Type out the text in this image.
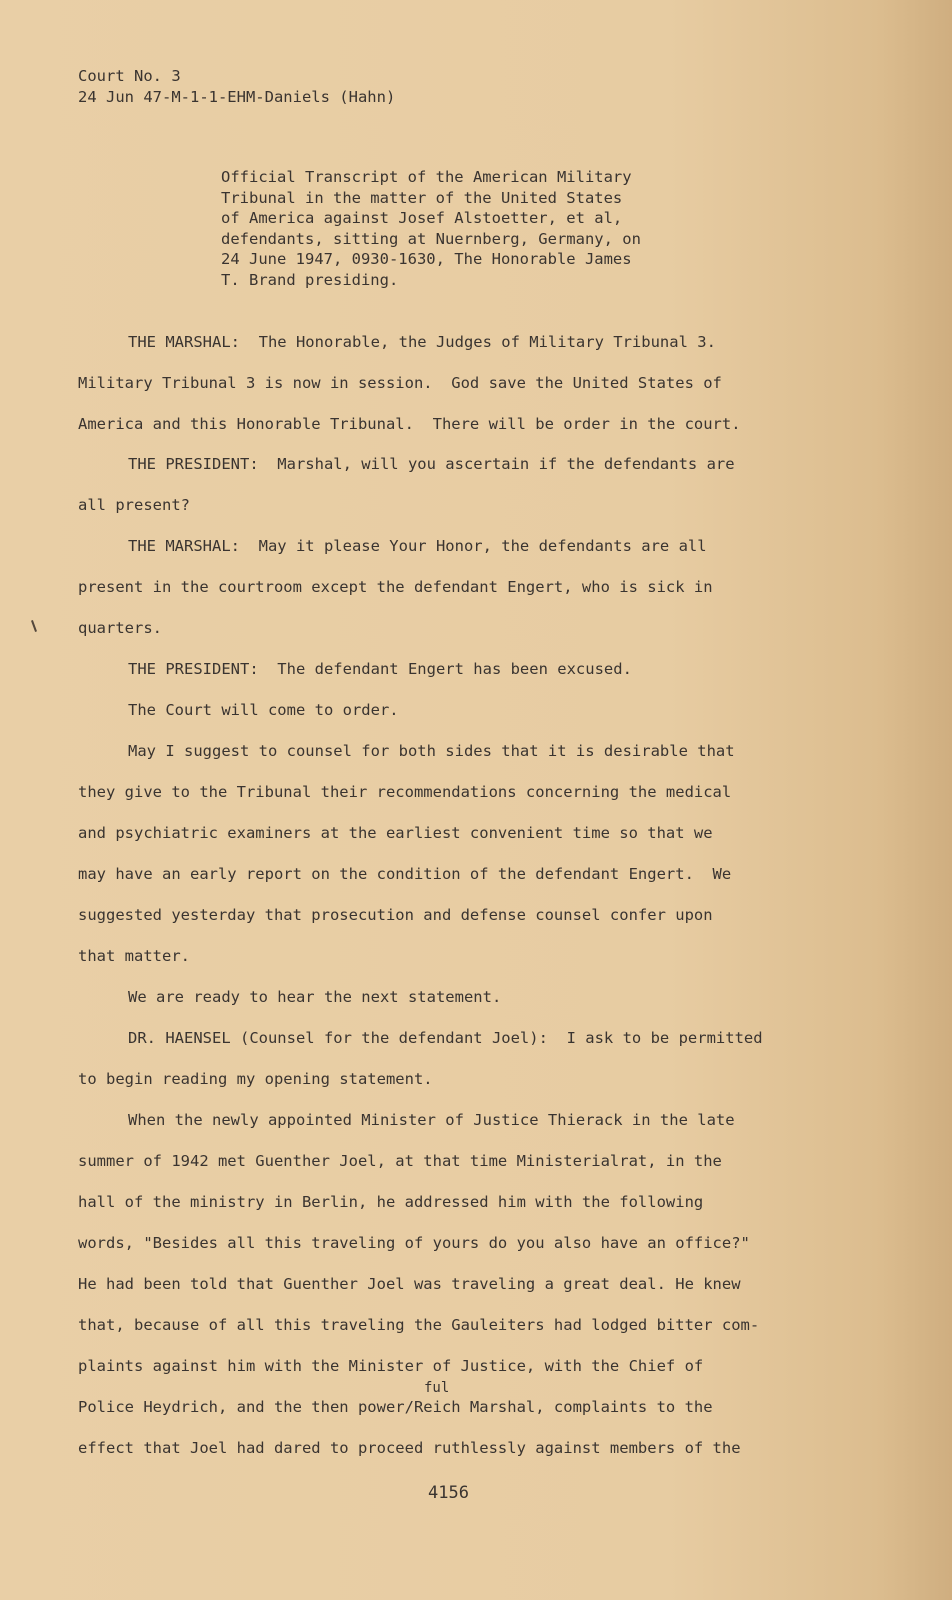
Court No. 3
24 Jun 47-M-1-1-EHM-Daniels (Hahn)
Official Transcript of the American Military
Tribunal in the matter of the United States
of America against Josef Alstoetter, et al,
defendants, sitting at Nuernberg, Germany, on
24 June 1947, 0930-1630, The Honorable James
T. Brand presiding.
THE MARSHAL:  The Honorable, the Judges of Military Tribunal 3.
Military Tribunal 3 is now in session.  God save the United States of
America and this Honorable Tribunal.  There will be order in the court.
THE PRESIDENT:  Marshal, will you ascertain if the defendants are
all present?
THE MARSHAL:  May it please Your Honor, the defendants are all
present in the courtroom except the defendant Engert, who is sick in
quarters.
THE PRESIDENT:  The defendant Engert has been excused.
The Court will come to order.
May I suggest to counsel for both sides that it is desirable that
they give to the Tribunal their recommendations concerning the medical
and psychiatric examiners at the earliest convenient time so that we
may have an early report on the condition of the defendant Engert.  We
suggested yesterday that prosecution and defense counsel confer upon
that matter.
We are ready to hear the next statement.
DR. HAENSEL (Counsel for the defendant Joel):  I ask to be permitted
to begin reading my opening statement.
When the newly appointed Minister of Justice Thierack in the late
summer of 1942 met Guenther Joel, at that time Ministerialrat, in the
hall of the ministry in Berlin, he addressed him with the following
words, "Besides all this traveling of yours do you also have an office?"
He had been told that Guenther Joel was traveling a great deal. He knew
that, because of all this traveling the Gauleiters had lodged bitter com-
plaints against him with the Minister of Justice, with the Chief of
ful
Police Heydrich, and the then power/Reich Marshal, complaints to the
effect that Joel had dared to proceed ruthlessly against members of the
4156
